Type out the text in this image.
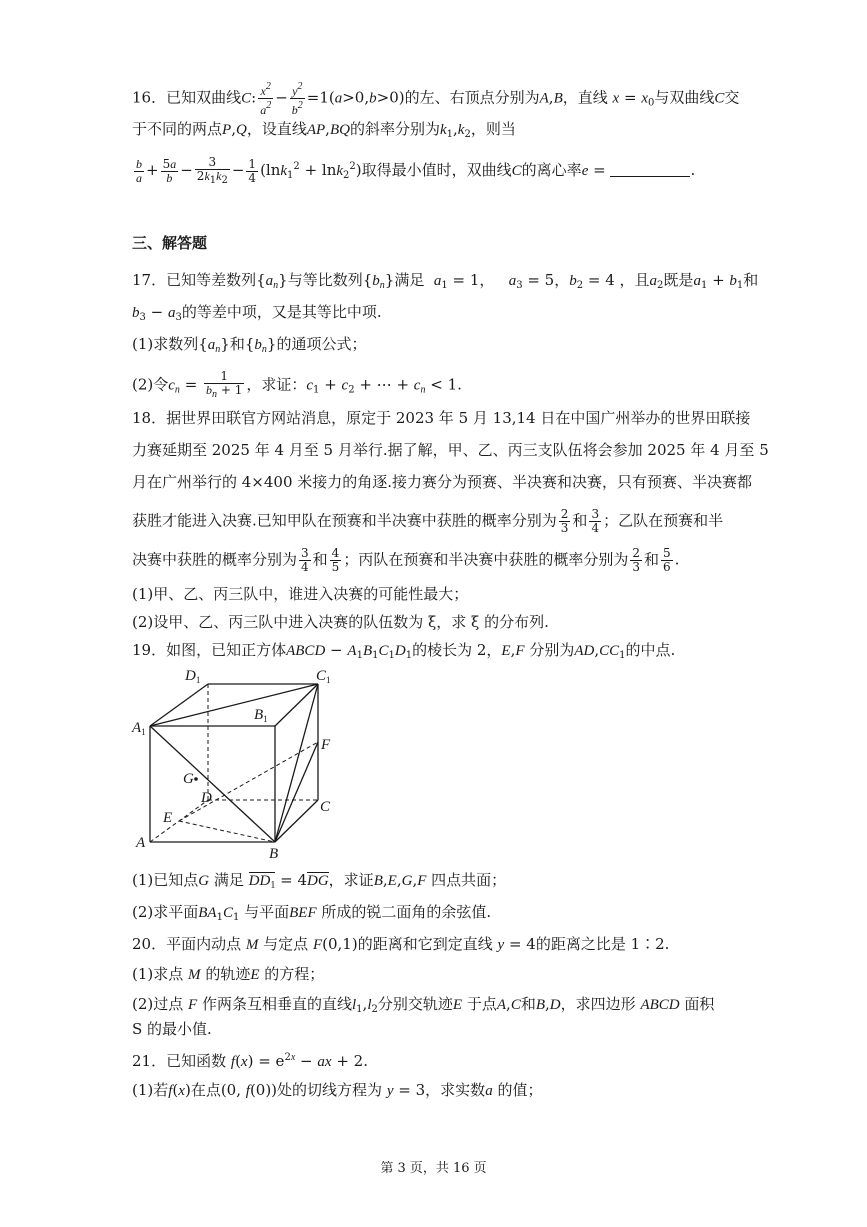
16．已知双曲线C: $\frac{x^2}{a^2} - \frac{y^2}{b^2} =1(a>0,b>0)$的左、右顶点分别为A,B，直线 $x = x_0$与双曲线C交
于不同的两点P,Q，设直线AP,BQ的斜率分别为$k_1,k_2$，则当
$\frac{b}{a} + \frac{5a}{b} - \frac{3}{2k_1k_2} - \frac{1}{4} (\ln k_1^2 + \ln k_2^2)$取得最小值时，双曲线C的离心率e =	.
三、解答题
17．已知等差数列$\{a_n\}$与等比数列$\{b_n\}$满足 $a_1 = 1$，   $a_3 = 5$，$b_2 = 4$ ，且$a_2$既是$a_1 + b_1$和
$b_3 - a_3$的等差中项，又是其等比中项.
(1)求数列$\{a_n\}$和$\{b_n\}$的通项公式；
(2)令$c_n = \frac{1}{b_n + 1}$ ，求证：$c_1 + c_2$ + ⋯ + $c_n < 1$.
18．据世界田联官方网站消息，原定于 2023 年 5 月 13,14 日在中国广州举办的世界田联接
力赛延期至 2025 年 4 月至 5 月举行.据了解，甲、乙、丙三支队伍将会参加 2025 年 4 月至 5
月在广州举行的 4×400 米接力的角逐.接力赛分为预赛、半决赛和决赛，只有预赛、半决赛都
获胜才能进入决赛.已知甲队在预赛和半决赛中获胜的概率分别为 $\frac{2}{3}$ 和 $\frac{3}{4}$ ；乙队在预赛和半
决赛中获胜的概率分别为 $\frac{3}{4}$ 和 $\frac{4}{5}$ ；丙队在预赛和半决赛中获胜的概率分别为 $\frac{2}{3}$ 和 $\frac{5}{6}$ .
(1)甲、乙、丙三队中，谁进入决赛的可能性最大；
(2)设甲、乙、丙三队中进入决赛的队伍数为 ξ，求 ξ 的分布列.
19．如图，已知正方体ABCD − $A_1B_1C_1D_1$的棱长为 2，E,F 分别为$AD,CC_1$的中点.
$D_1$	$C_1$
$B_1$
$A_1$
F
G
D
C
E
A
B
(1)已知点G 满足 $DD_1 = 4DG$，求证B,E,G,F 四点共面；
(2)求平面$BA_1C_1$ 与平面BEF 所成的锐二面角的余弦值.
20．平面内动点 M 与定点 F(0,1)的距离和它到定直线 y = 4的距离之比是 1∶2.
(1)求点 M 的轨迹E 的方程；
(2)过点 F 作两条互相垂直的直线$l_1,l_2$分别交轨迹E 于点A,C和B,D，求四边形 ABCD 面积
S 的最小值.
21．已知函数 $f(x) = e^{2x}$ − ax + 2.
(1)若f(x)在点(0, f(0))处的切线方程为 y = 3，求实数a 的值；
第 3 页，共 16 页
